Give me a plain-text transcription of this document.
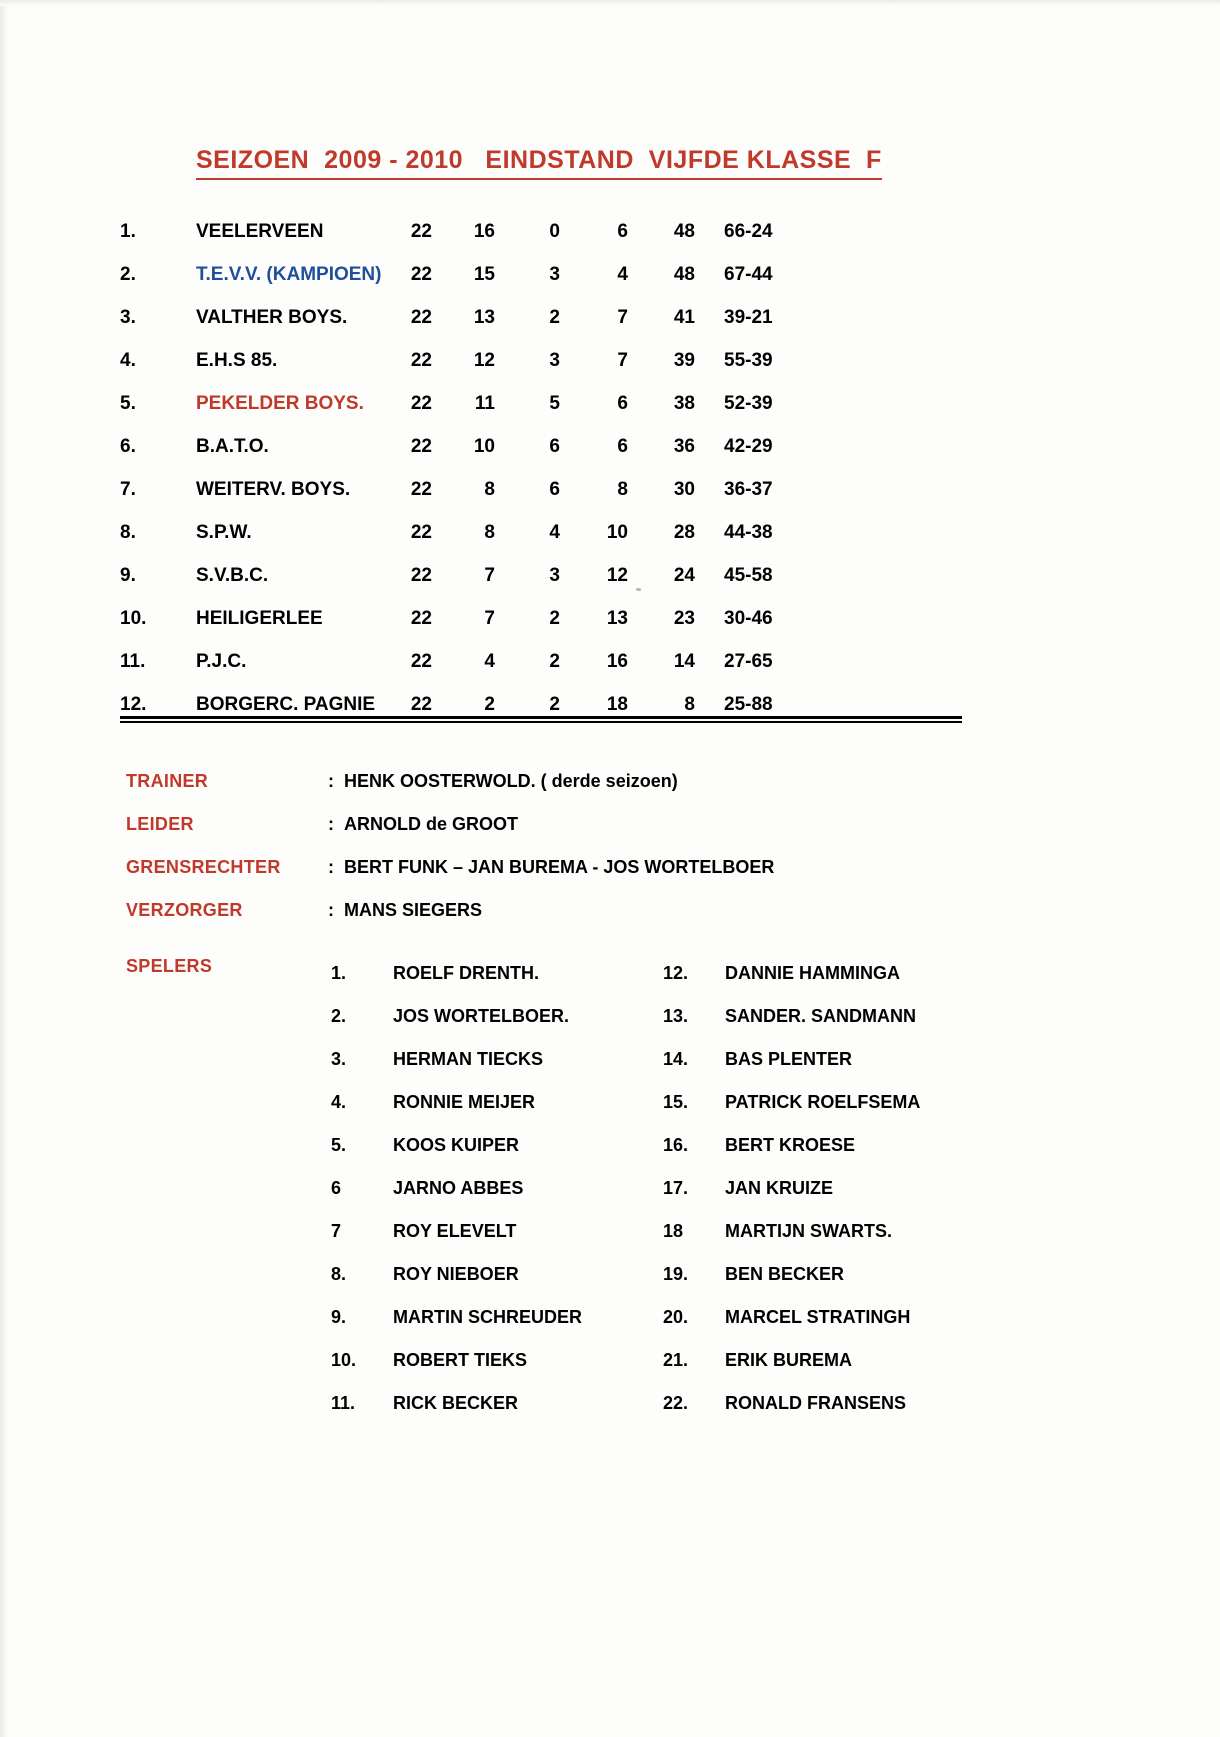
SEIZOEN  2009 - 2010   EINDSTAND  VIJFDE KLASSE  F
1.	VEELERVEEN	22	16	0	6	48 66-24
2.	T.E.V.V. (KAMPIOEN)	22	15	3	4	48 67-44
3.	VALTHER BOYS.	22	13	2	7	41 39-21
4.	E.H.S 85.	22	12	3	7	39 55-39
5.	PEKELDER BOYS.	22	11	5	6	38 52-39
6.	B.A.T.O.	22	10	6	6	36 42-29
7.	WEITERV. BOYS.	22	8	6	8	30 36-37
8.	S.P.W.	22	8	4	10	28 44-38
9.	S.V.B.C.	22	7	3	12	24 45-58
10.	HEILIGERLEE	22	7	2	13	23 30-46
11.	P.J.C.	22	4	2	16	14 27-65
12.	BORGERC. PAGNIE	22	2	2	18	8 25-88
TRAINER	: HENK OOSTERWOLD. ( derde seizoen)
LEIDER	: ARNOLD de GROOT
GRENSRECHTER	: BERT FUNK – JAN BUREMA - JOS WORTELBOER
VERZORGER	: MANS SIEGERS
SPELERS	1.	ROELF DRENTH.	12.	DANNIE HAMMINGA
2.	JOS WORTELBOER.	13.	SANDER. SANDMANN
3.	HERMAN TIECKS	14.	BAS PLENTER
4.	RONNIE MEIJER	15.	PATRICK ROELFSEMA
5.	KOOS KUIPER	16.	BERT KROESE
6	JARNO ABBES	17.	JAN KRUIZE
7	ROY ELEVELT	18	MARTIJN SWARTS.
8.	ROY NIEBOER	19.	BEN BECKER
9.	MARTIN SCHREUDER	20.	MARCEL STRATINGH
10.	ROBERT TIEKS	21.	ERIK BUREMA
11.	RICK BECKER	22.	RONALD FRANSENS
